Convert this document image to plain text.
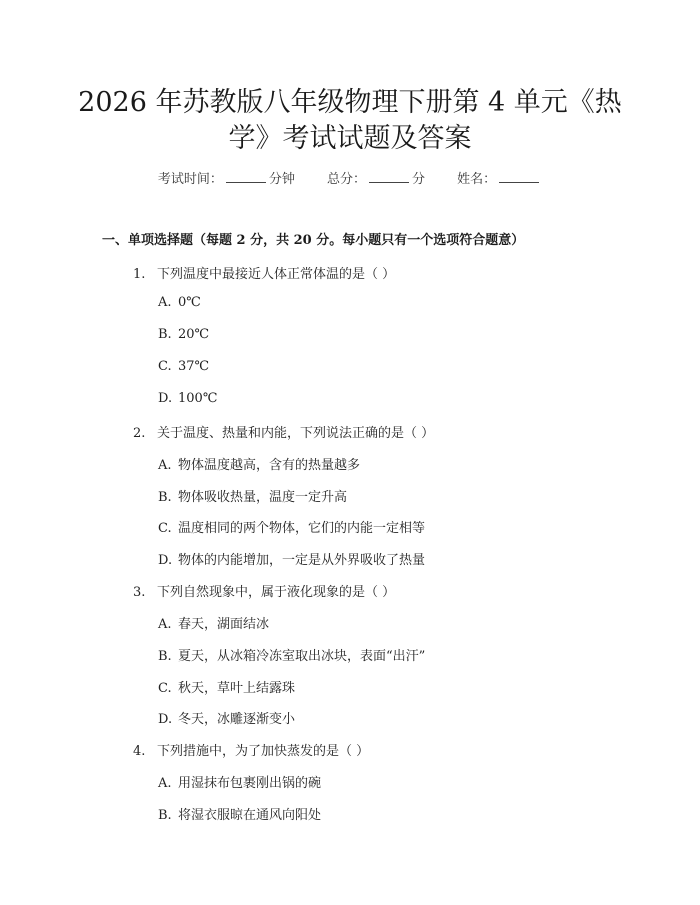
2026 年苏教版八年级物理下册第 4 单元《热
学》考试试题及答案
考试时间：	分钟 总分：	分 姓名：
一、单项选择题（每题 2 分，共 20 分。每小题只有一个选项符合题意）
1. 下列温度中最接近人体正常体温的是（ ）
A. 0℃
B. 20℃
C. 37℃
D. 100℃
2. 关于温度、热量和内能，下列说法正确的是（ ）
A. 物体温度越高，含有的热量越多
B. 物体吸收热量，温度一定升高
C. 温度相同的两个物体，它们的内能一定相等
D. 物体的内能增加，一定是从外界吸收了热量
3. 下列自然现象中，属于液化现象的是（ ）
A. 春天，湖面结冰
B. 夏天，从冰箱冷冻室取出冰块，表面“出汗”
C. 秋天，草叶上结露珠
D. 冬天，冰雕逐渐变小
4. 下列措施中，为了加快蒸发的是（ ）
A. 用湿抹布包裹刚出锅的碗
B. 将湿衣服晾在通风向阳处
